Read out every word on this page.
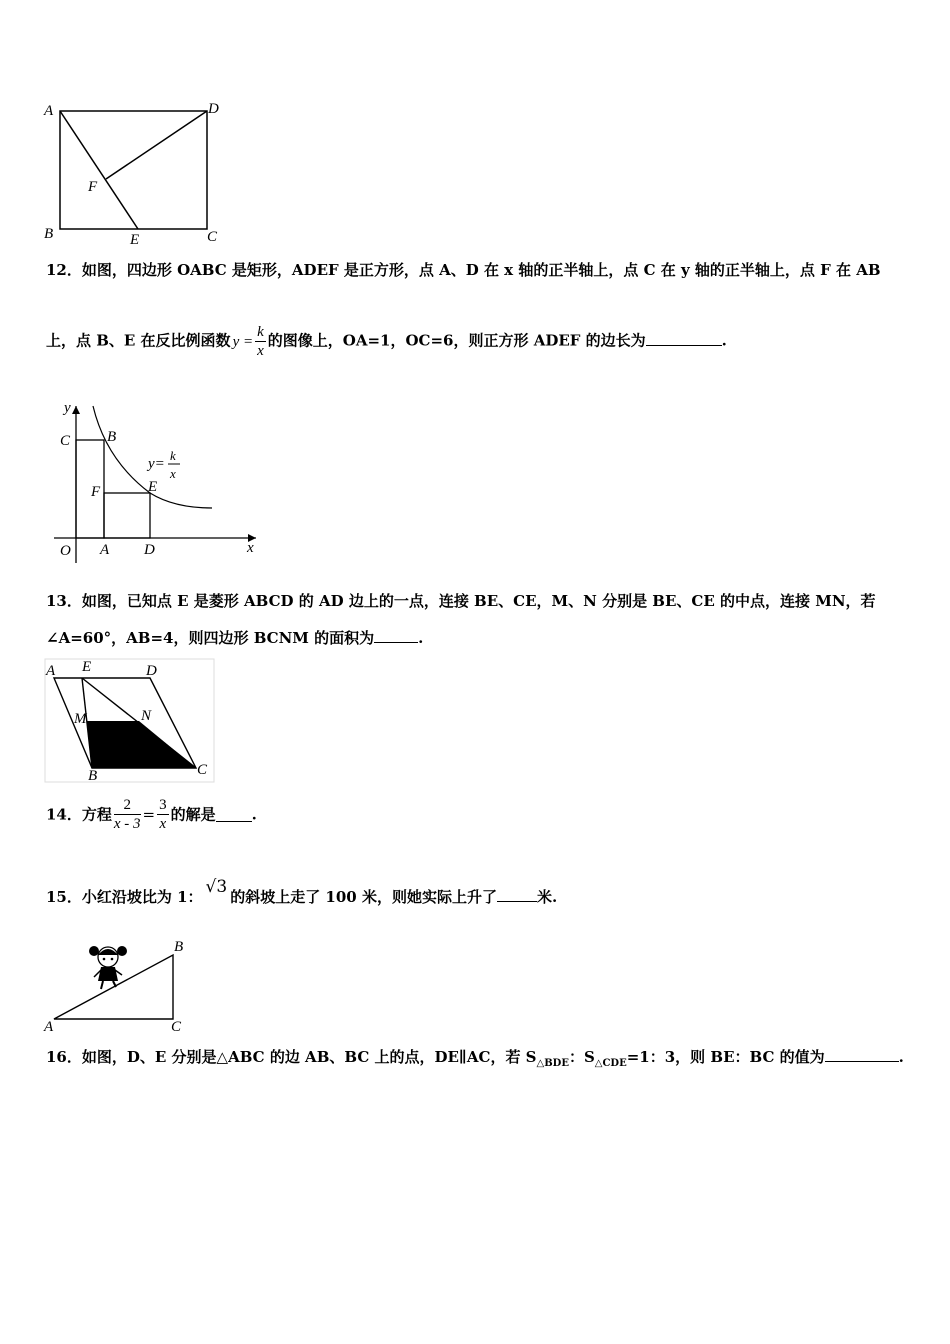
A	D
F
B	E	C
12．如图，四边形 OABC 是矩形，ADEF 是正方形，点 A、D 在 x 轴的正半轴上，点 C 在 y 轴的正半轴上，点 F 在 AB
上，点 B、E 在反比例函数 $y = \frac{k}{x}$ 的图像上，OA=1，OC=6，则正方形 ADEF 的边长为	.
y
x
C B
F	E
O A D
y=
k
x
13．如图，已知点 E 是菱形 ABCD 的 AD 边上的一点，连接 BE、CE，M、N 分别是 BE、CE 的中点，连接 MN，若
∠A=60°，AB=4，则四边形 BCNM 的面积为	.
A E	D
M	N
B	C
14．方程 $\frac{2}{x - 3} = \frac{3}{x}$ 的解是 .
15．小红沿坡比为 1： √3 的斜坡上走了 100 米，则她实际上升了	米.
B
A	C
16．如图，D、E 分别是△ABC 的边 AB、BC 上的点，DE∥AC，若 $S_{\triangle BDE}$：$S_{\triangle CDE}=1$：3，则 BE：BC 的值为	.
